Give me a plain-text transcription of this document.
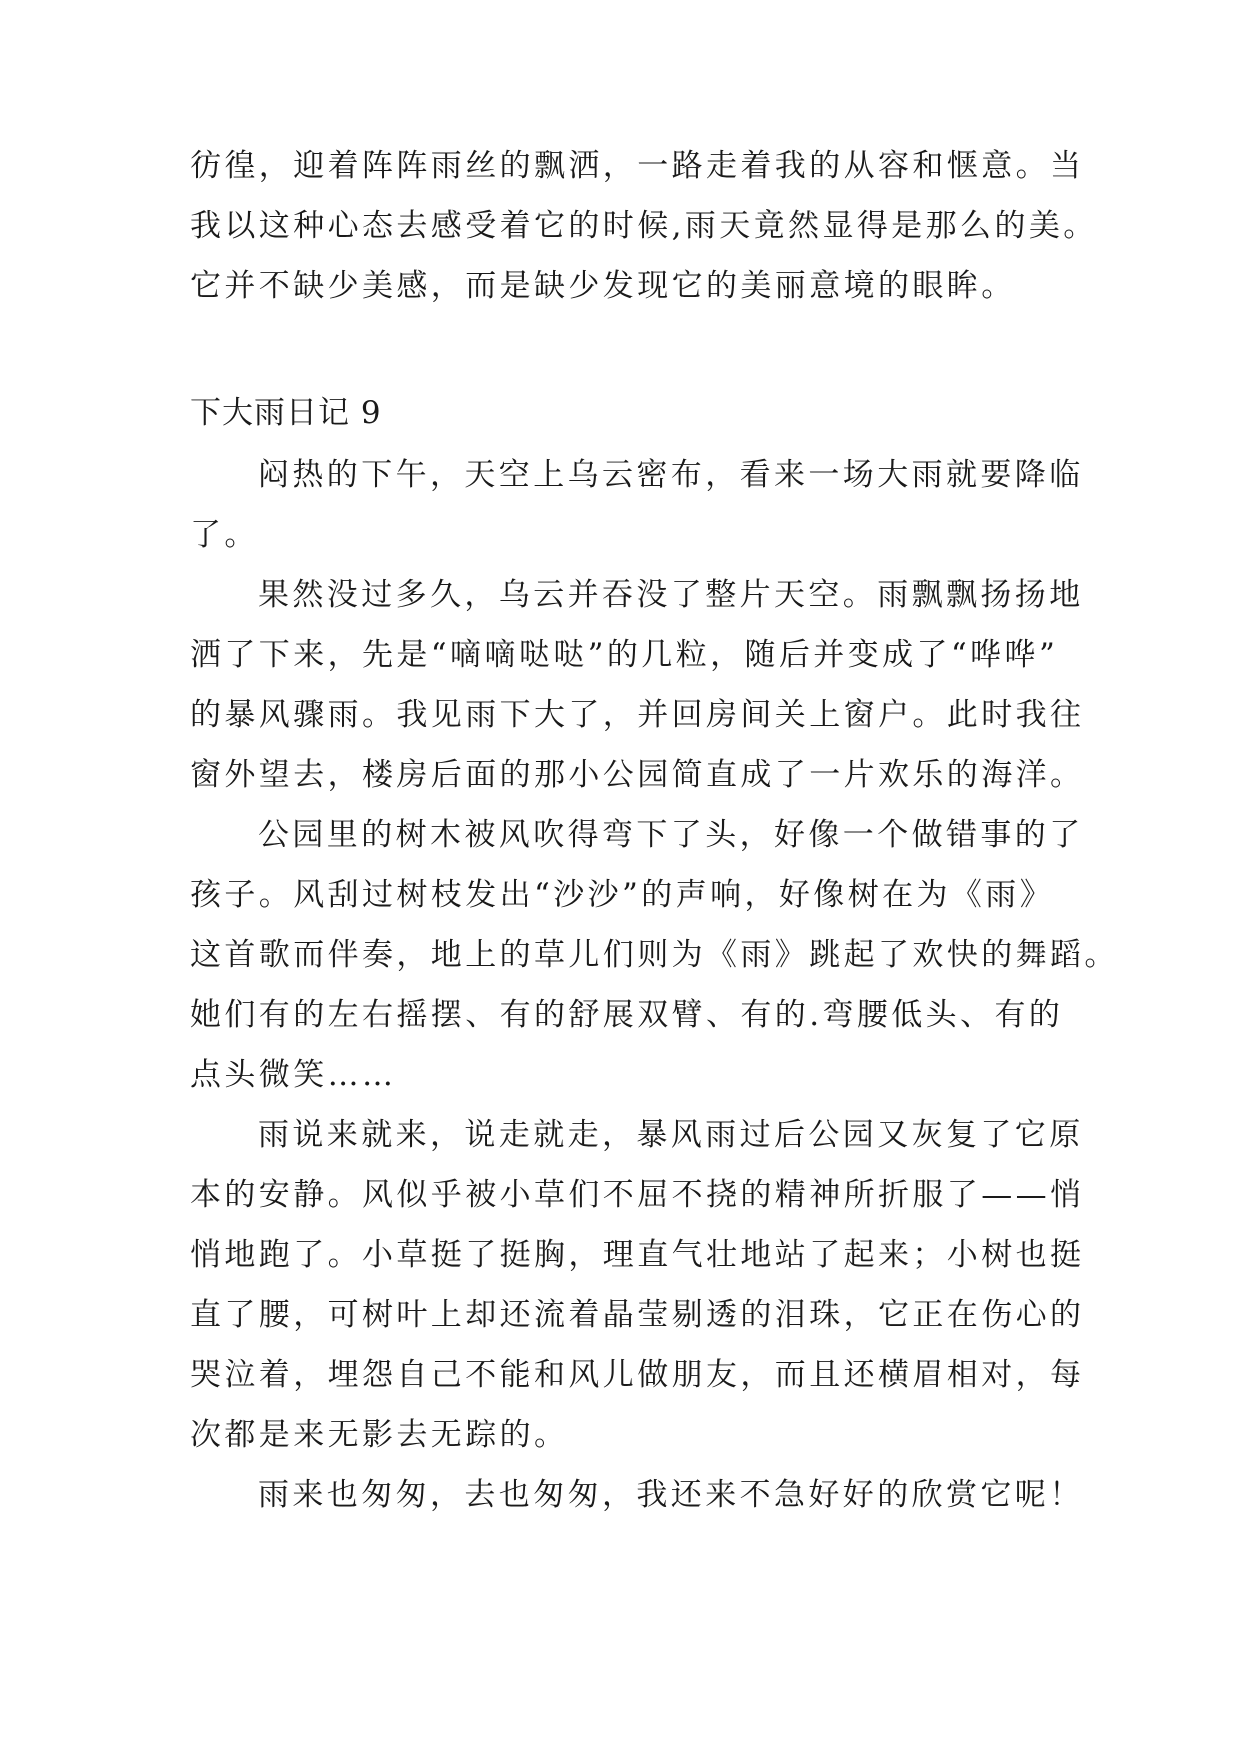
彷徨，迎着阵阵雨丝的飘洒，一路走着我的从容和惬意。当
我以这种心态去感受着它的时候,雨天竟然显得是那么的美。
它并不缺少美感，而是缺少发现它的美丽意境的眼眸。
下大雨日记 9
闷热的下午，天空上乌云密布，看来一场大雨就要降临
了。
果然没过多久，乌云并吞没了整片天空。雨飘飘扬扬地
洒了下来，先是“嘀嘀哒哒”的几粒，随后并变成了“哗哗”
的暴风骤雨。我见雨下大了，并回房间关上窗户。此时我往
窗外望去，楼房后面的那小公园简直成了一片欢乐的海洋。
公园里的树木被风吹得弯下了头，好像一个做错事的了
孩子。风刮过树枝发出“沙沙”的声响，好像树在为《雨》
这首歌而伴奏，地上的草儿们则为《雨》跳起了欢快的舞蹈。
她们有的左右摇摆、有的舒展双臂、有的.弯腰低头、有的
点头微笑……
雨说来就来，说走就走，暴风雨过后公园又灰复了它原
本的安静。风似乎被小草们不屈不挠的精神所折服了——悄
悄地跑了。小草挺了挺胸，理直气壮地站了起来；小树也挺
直了腰，可树叶上却还流着晶莹剔透的泪珠，它正在伤心的
哭泣着，埋怨自己不能和风儿做朋友，而且还横眉相对，每
次都是来无影去无踪的。
雨来也匆匆，去也匆匆，我还来不急好好的欣赏它呢！
